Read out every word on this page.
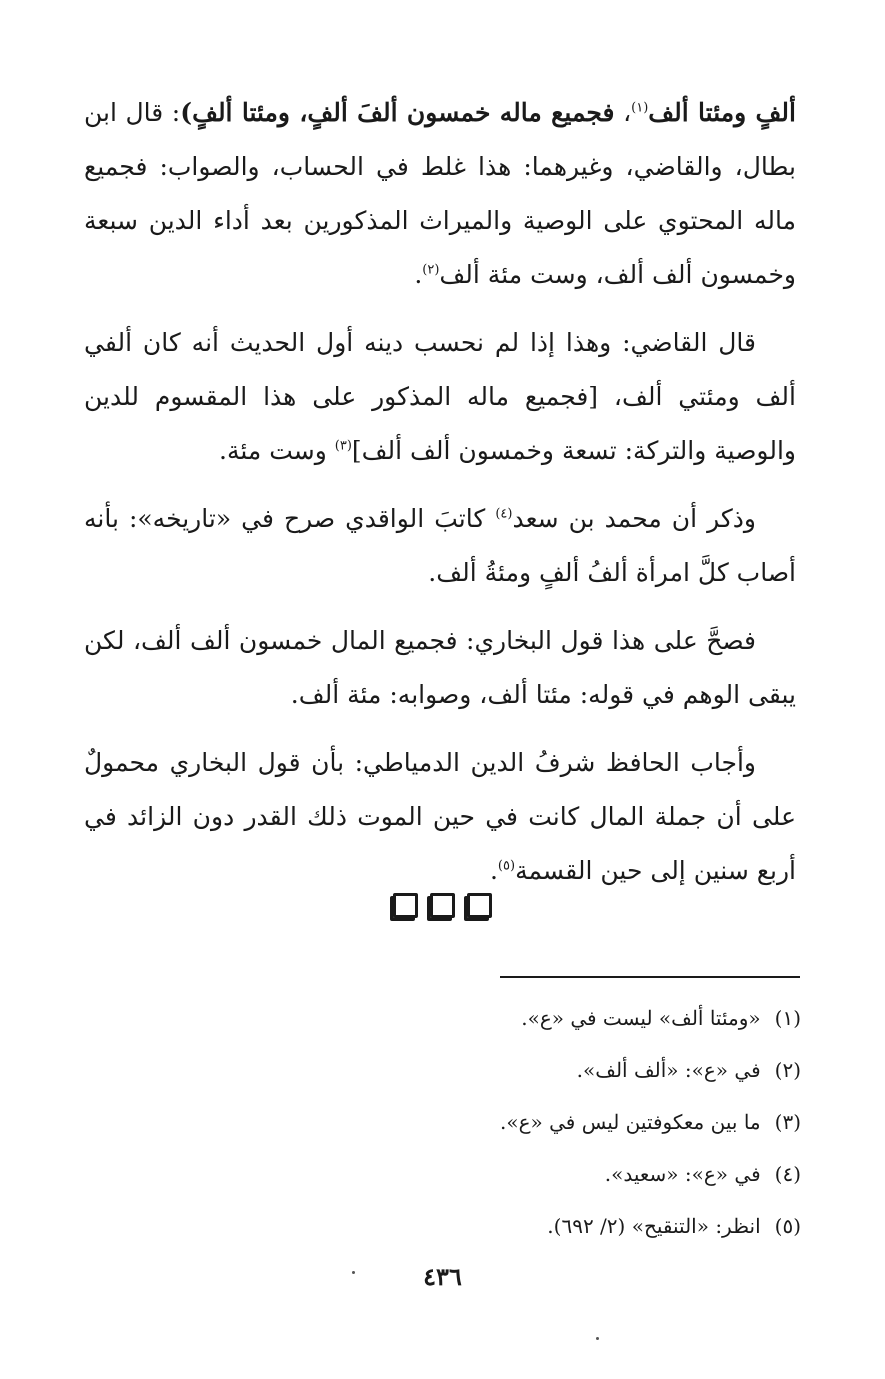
ألفٍ ومئتا ألف$^{(١)}$، فجميع ماله خمسون ألفَ ألفٍ، ومئتا ألفٍ): قال ابن بطال، والقاضي، وغيرهما: هذا غلط في الحساب، والصواب: فجميع ماله المحتوي على الوصية والميراث المذكورين بعد أداء الدين سبعة وخمسون ألف ألف، وست مئة ألف$^{(٢)}$.

قال القاضي: وهذا إذا لم نحسب دينه أول الحديث أنه كان ألفي ألف ومئتي ألف، [فجميع ماله المذكور على هذا المقسوم للدين والوصية والتركة: تسعة وخمسون ألف ألف]$^{(٣)}$ وست مئة.

وذكر أن محمد بن سعد$^{(٤)}$ كاتبَ الواقدي صرح في «تاريخه»: بأنه أصاب كلَّ امرأة ألفُ ألفٍ ومئةُ ألف.

فصحَّ على هذا قول البخاري: فجميع المال خمسون ألف ألف، لكن يبقى الوهم في قوله: مئتا ألف، وصوابه: مئة ألف.

وأجاب الحافظ شرفُ الدين الدمياطي: بأن قول البخاري محمولٌ على أن جملة المال كانت في حين الموت ذلك القدر دون الزائد في أربع سنين إلى حين القسمة$^{(٥)}$.

(١)«ومئتا ألف» ليست في «ع».
(٢)في «ع»: «ألف ألف».
(٣)ما بين معكوفتين ليس في «ع».
(٤)في «ع»: «سعيد».
(٥)انظر: «التنقيح» (٢/ ٦٩٢).
٤٣٦
